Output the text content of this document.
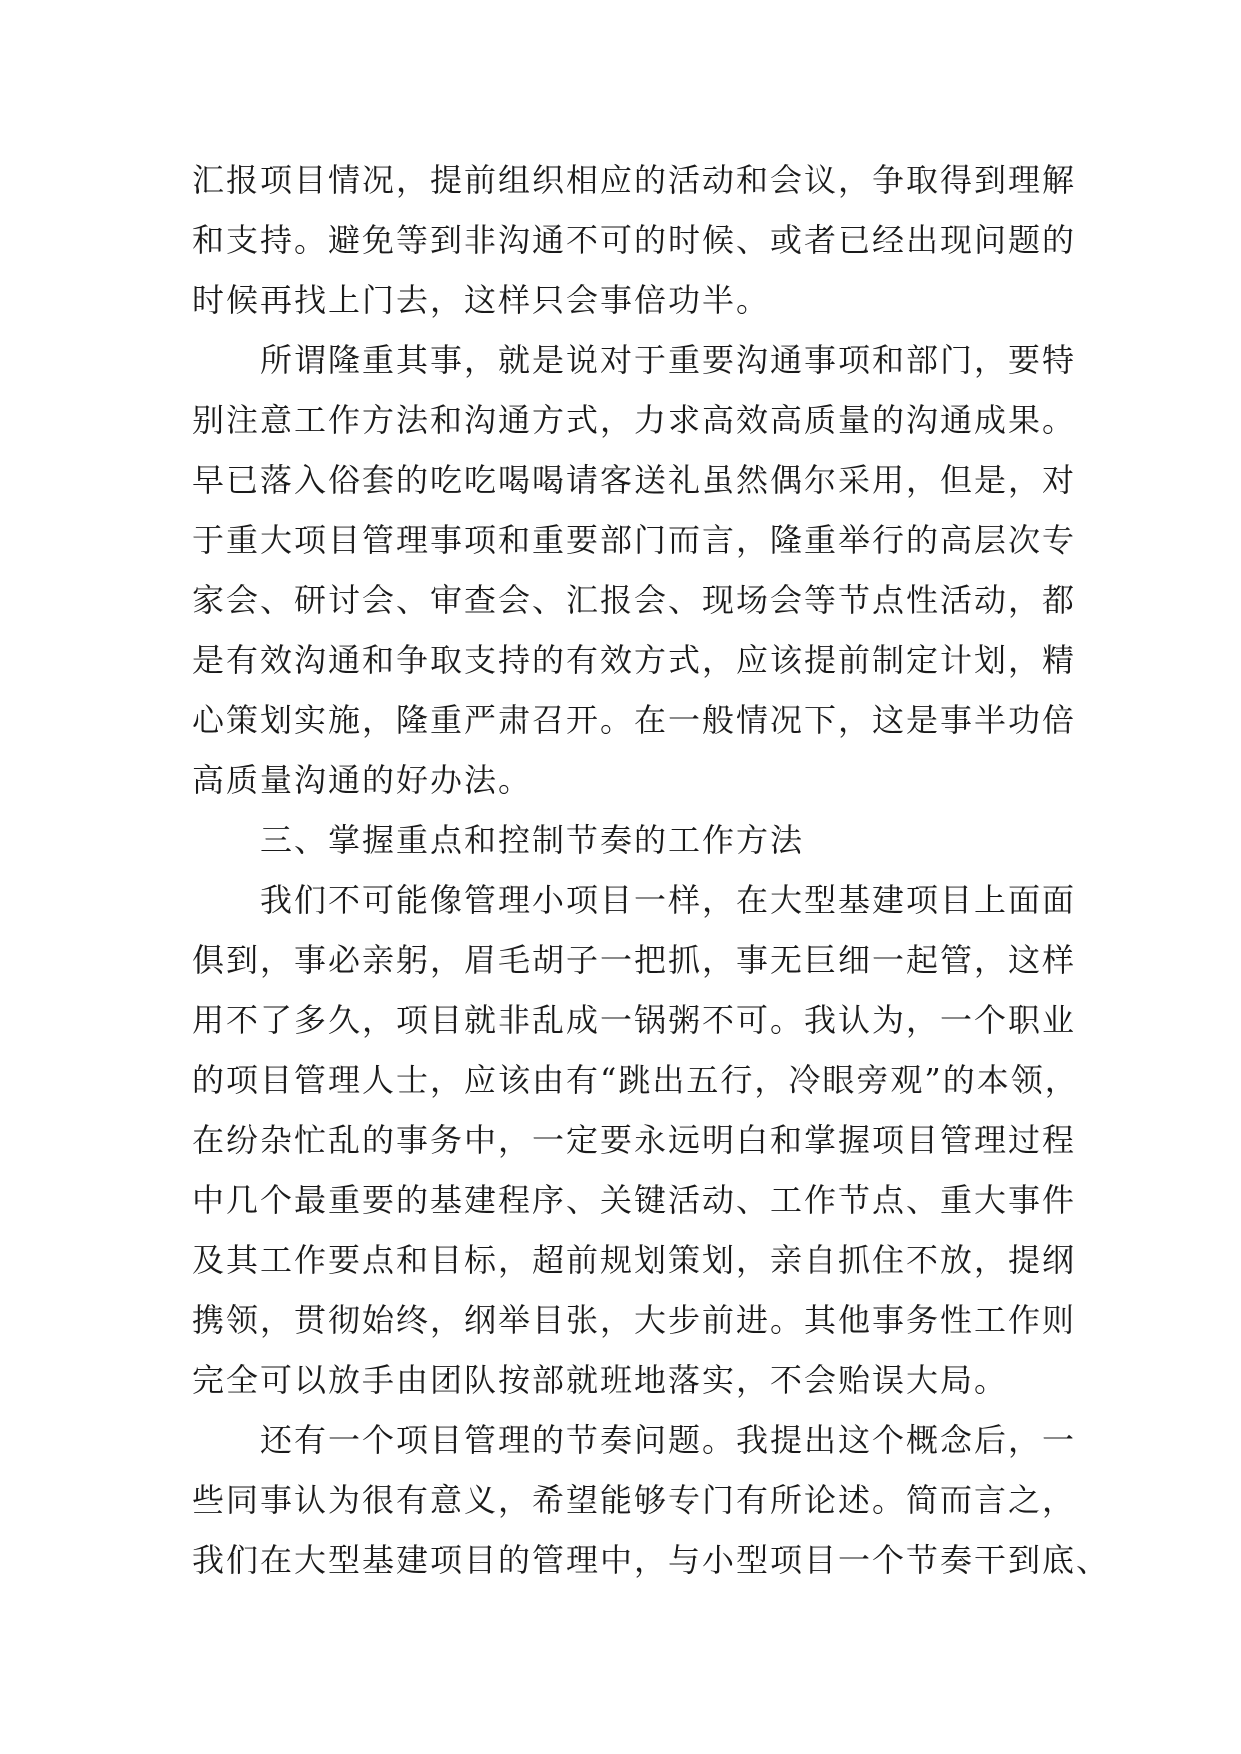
汇报项目情况，提前组织相应的活动和会议，争取得到理解
和支持。避免等到非沟通不可的时候、或者已经出现问题的
时候再找上门去，这样只会事倍功半。
所谓隆重其事，就是说对于重要沟通事项和部门，要特
别注意工作方法和沟通方式，力求高效高质量的沟通成果。
早已落入俗套的吃吃喝喝请客送礼虽然偶尔采用，但是，对
于重大项目管理事项和重要部门而言，隆重举行的高层次专
家会、研讨会、审查会、汇报会、现场会等节点性活动，都
是有效沟通和争取支持的有效方式，应该提前制定计划，精
心策划实施，隆重严肃召开。在一般情况下，这是事半功倍
高质量沟通的好办法。
三、掌握重点和控制节奏的工作方法
我们不可能像管理小项目一样，在大型基建项目上面面
俱到，事必亲躬，眉毛胡子一把抓，事无巨细一起管，这样
用不了多久，项目就非乱成一锅粥不可。我认为，一个职业
的项目管理人士，应该由有“跳出五行，冷眼旁观”的本领，
在纷杂忙乱的事务中，一定要永远明白和掌握项目管理过程
中几个最重要的基建程序、关键活动、工作节点、重大事件
及其工作要点和目标，超前规划策划，亲自抓住不放，提纲
携领，贯彻始终，纲举目张，大步前进。其他事务性工作则
完全可以放手由团队按部就班地落实，不会贻误大局。
还有一个项目管理的节奏问题。我提出这个概念后，一
些同事认为很有意义，希望能够专门有所论述。简而言之，
我们在大型基建项目的管理中，与小型项目一个节奏干到底、
